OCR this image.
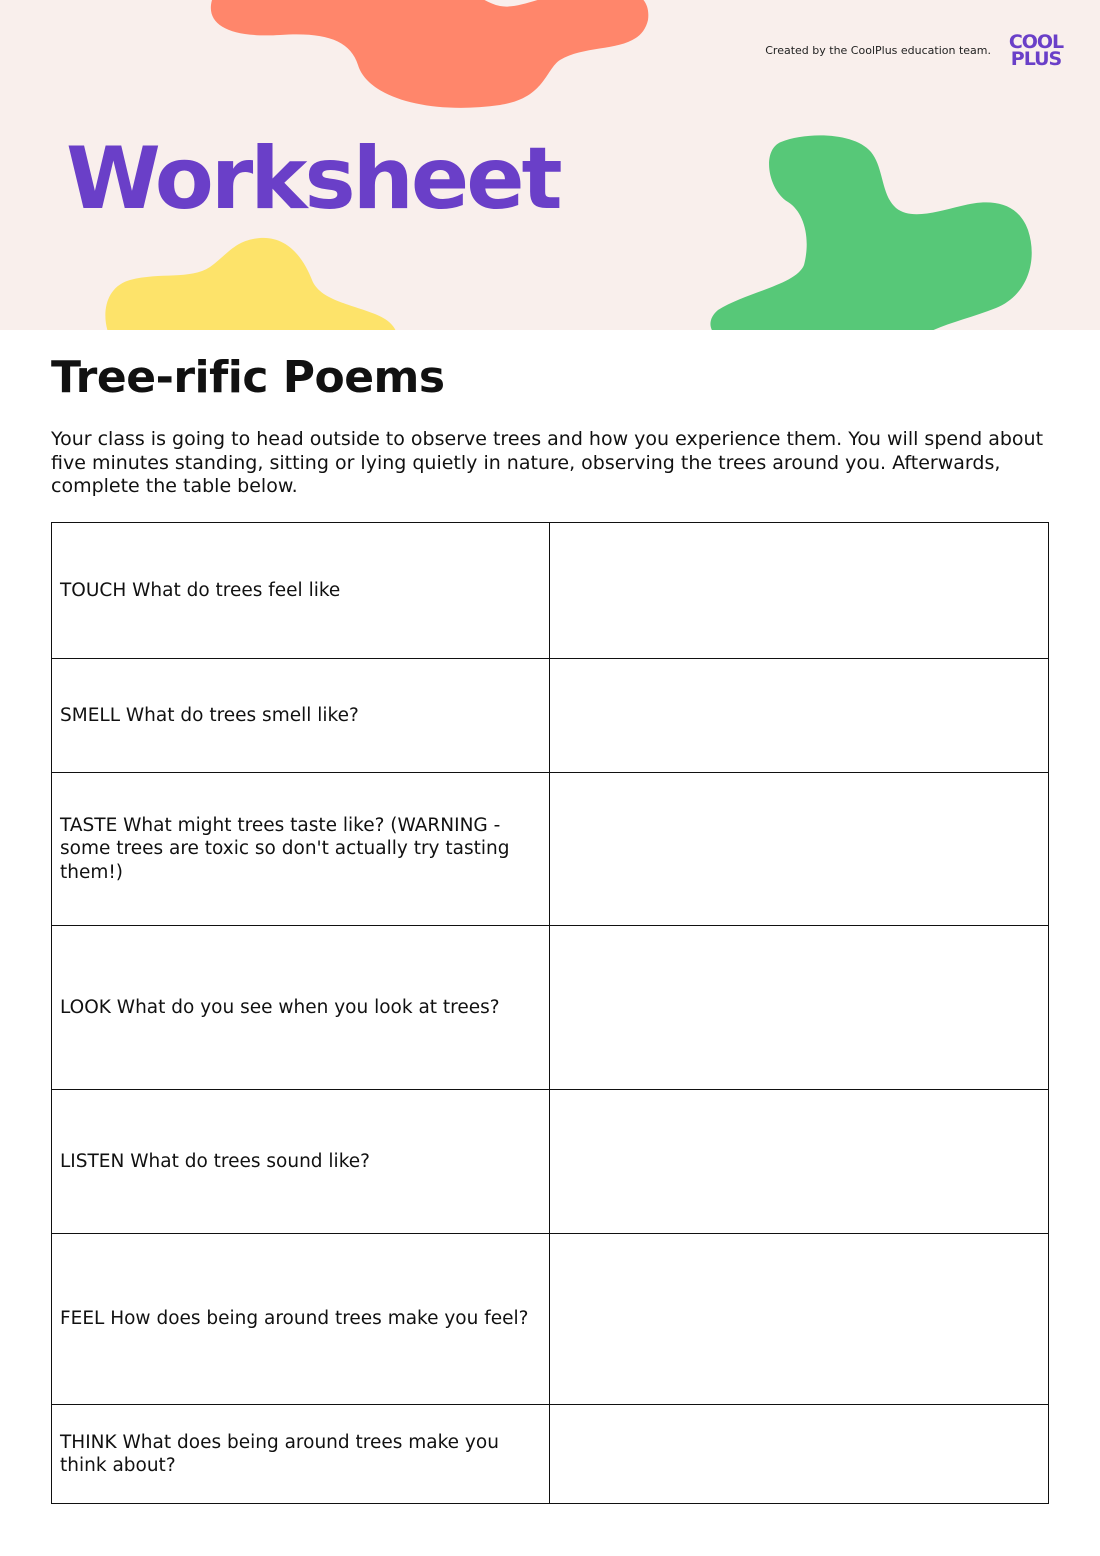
Created by the CoolPlus education team. COOL
PLUS
Worksheet
Tree-rific Poems

Your class is going to head outside to observe trees and how you experience them. You will spend about five minutes standing, sitting or lying quietly in nature, observing the trees around you. Afterwards, complete the table below.

TOUCH What do trees feel like	
SMELL What do trees smell like?	
TASTE What might trees taste like? (WARNING - some trees are toxic so don't actually try tasting them!)	
LOOK What do you see when you look at trees?	
LISTEN What do trees sound like?	
FEEL How does being around trees make you feel?	
THINK What does being around trees make you think about?	
